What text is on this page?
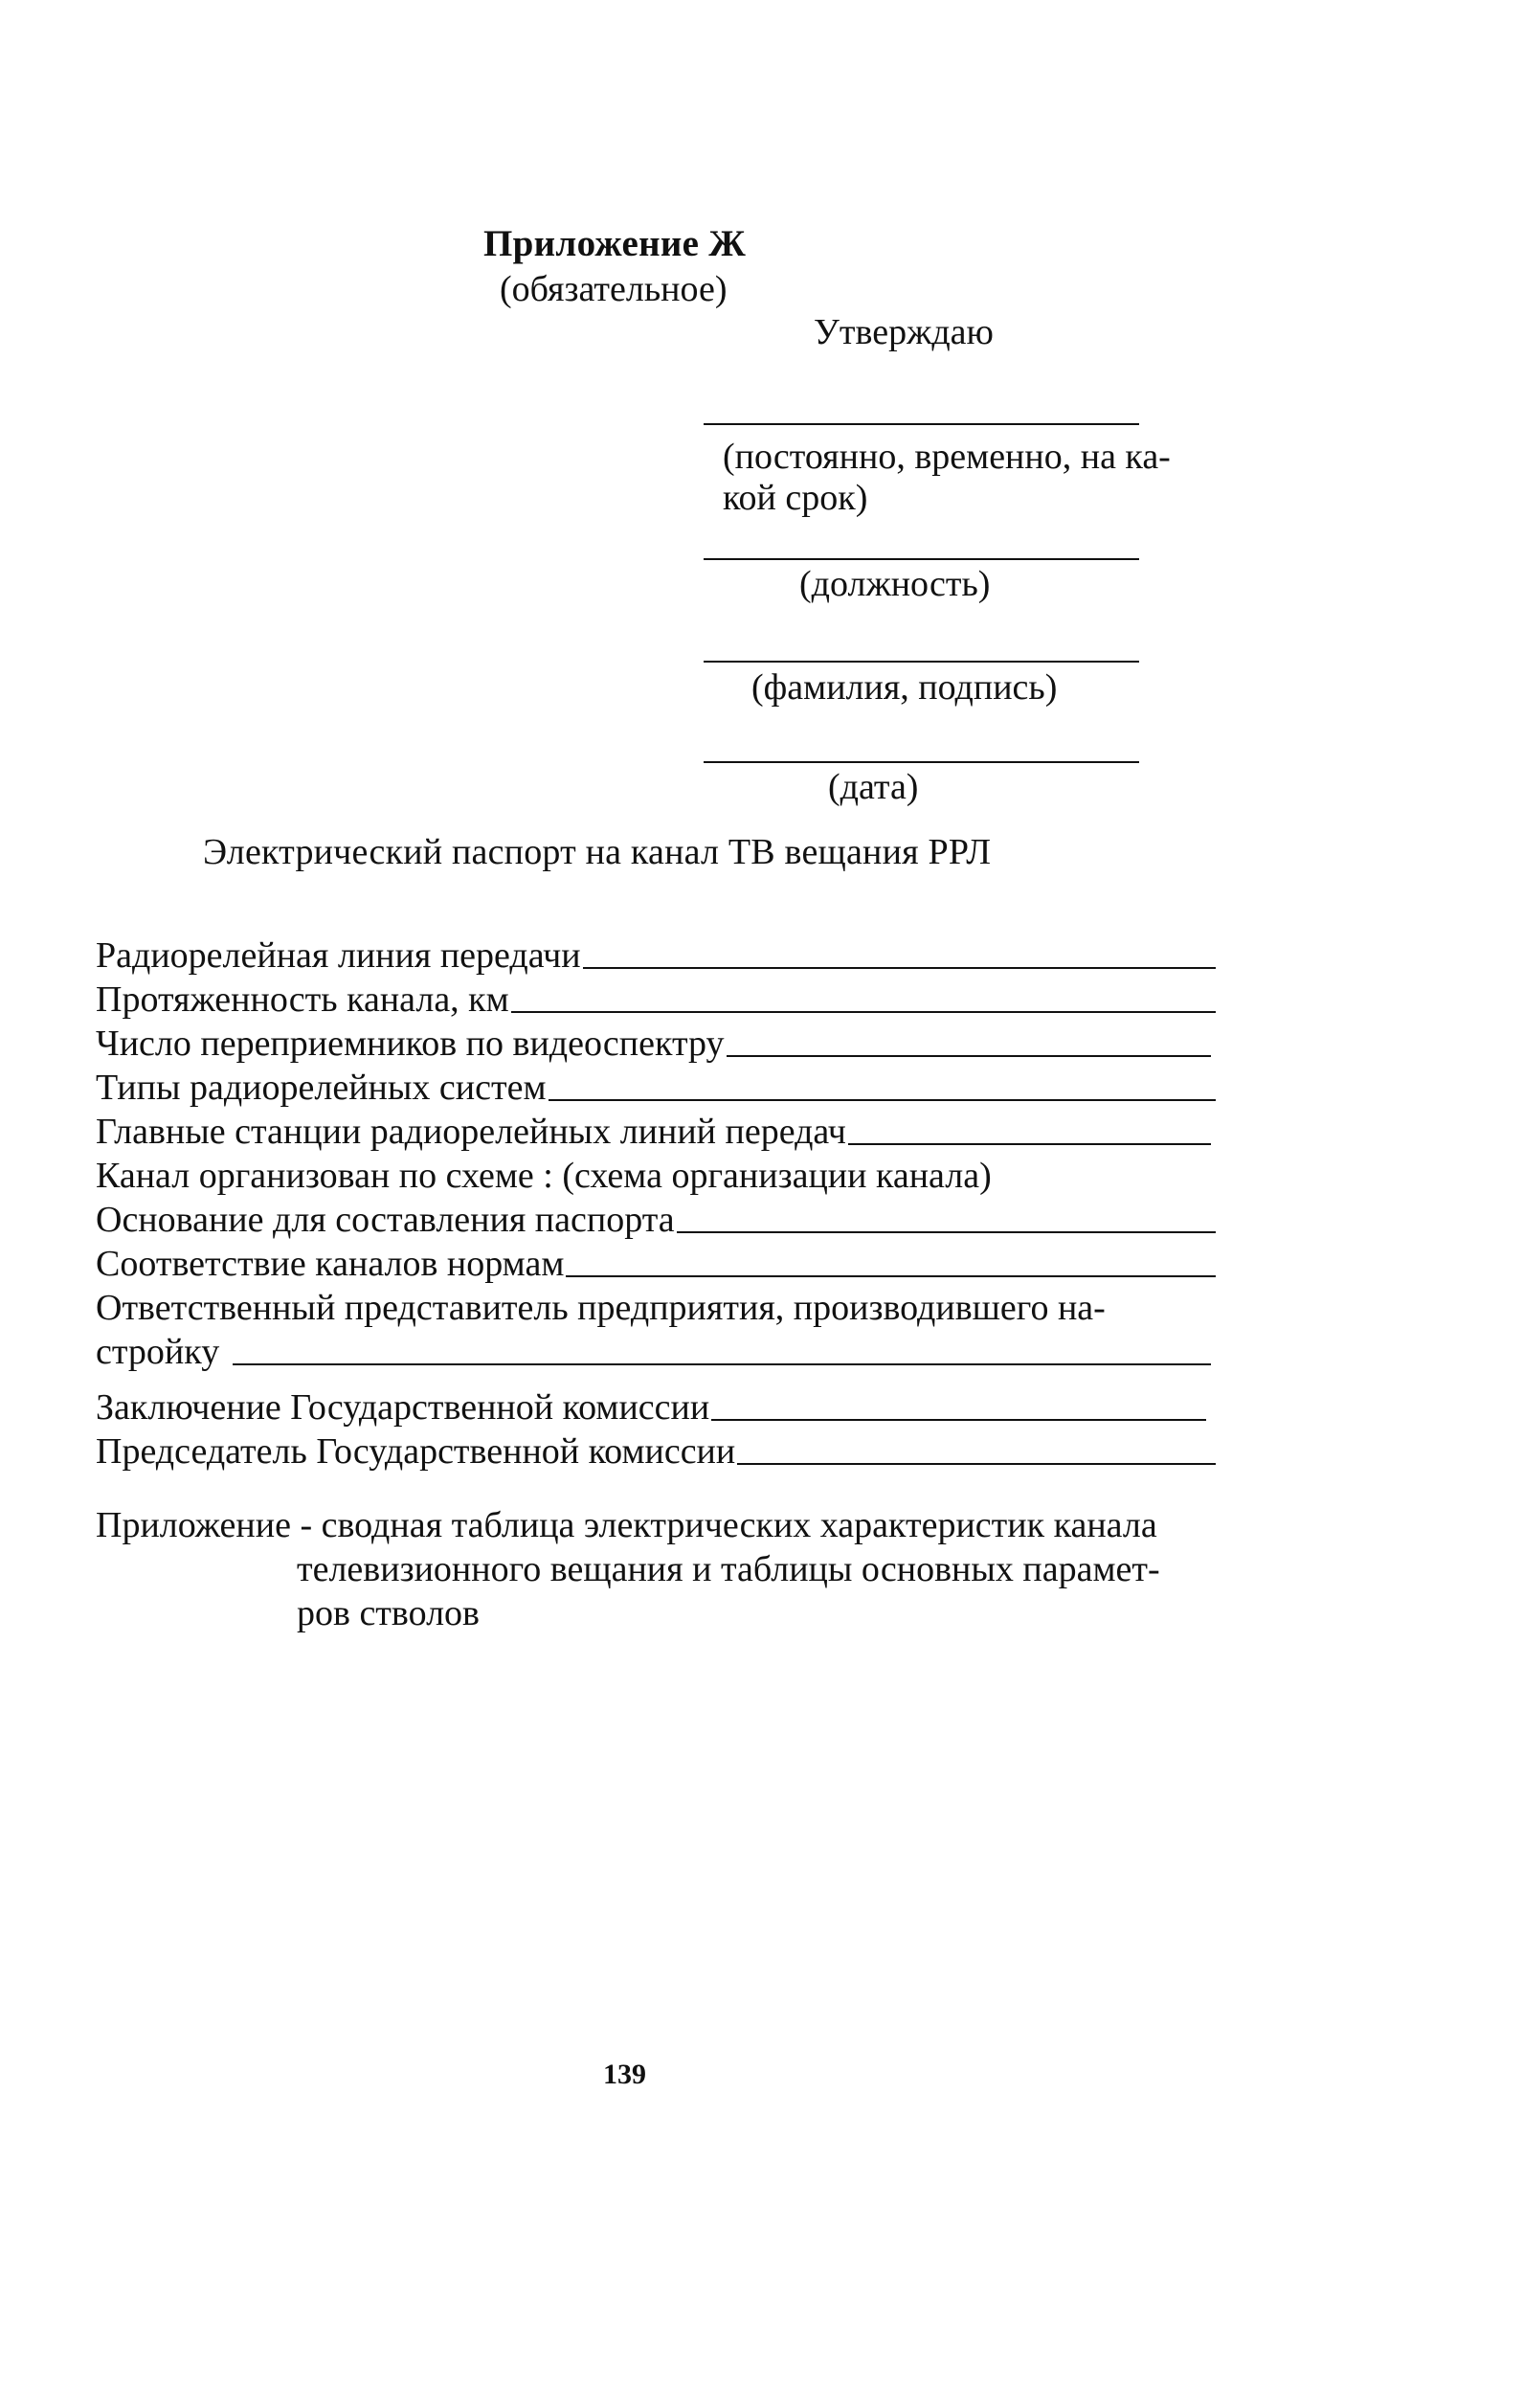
Приложение Ж
(обязательное)
Утверждаю
(постоянно, временно, на ка-
кой срок)
(должность)
(фамилия, подпись)
(дата)
Электрический паспорт на канал ТВ вещания РРЛ
Радиорелейная линия передачи
Протяженность канала, км
Число переприемников по видеоспектру
Типы радиорелейных систем
Главные станции радиорелейных линий передач
Канал организован по схеме : (схема организации канала)
Основание для составления паспорта
Соответствие каналов нормам
Ответственный представитель предприятия, производившего на-
стройку
Заключение Государственной комиссии
Председатель Государственной комиссии
Приложение - сводная таблица электрических характеристик канала
телевизионного вещания и таблицы основных парамет-
ров стволов
139
